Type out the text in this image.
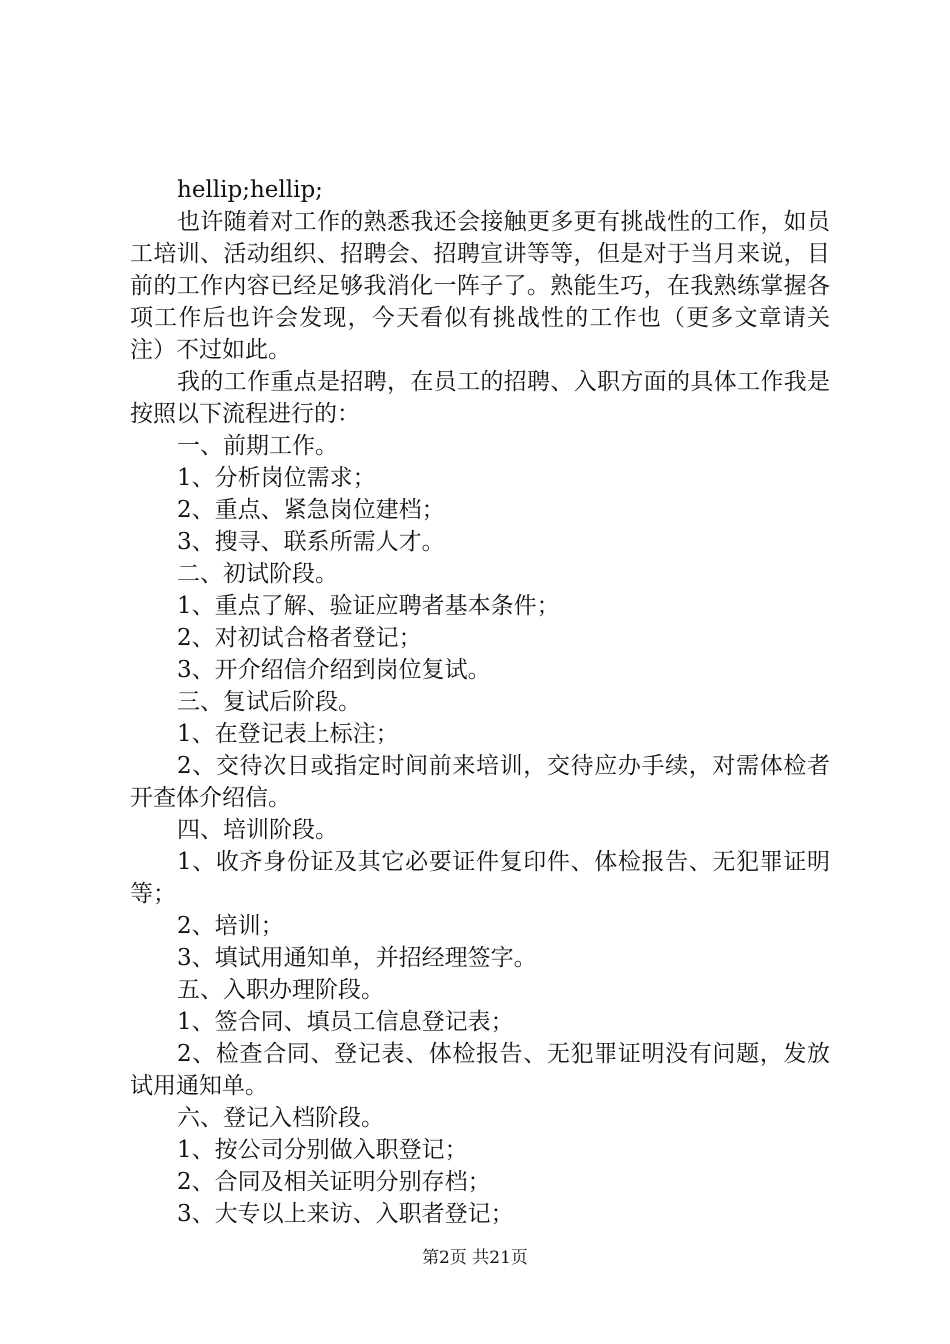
hellip;hellip;

也许随着对工作的熟悉我还会接触更多更有挑战性的工作，如员工培训、活动组织、招聘会、招聘宣讲等等，但是对于当月来说，目前的工作内容已经足够我消化一阵子了。熟能生巧，在我熟练掌握各项工作后也许会发现，今天看似有挑战性的工作也（更多文章请关注）不过如此。

我的工作重点是招聘，在员工的招聘、入职方面的具体工作我是按照以下流程进行的：

一、前期工作。

1、分析岗位需求；

2、重点、紧急岗位建档；

3、搜寻、联系所需人才。

二、初试阶段。

1、重点了解、验证应聘者基本条件；

2、对初试合格者登记；

3、开介绍信介绍到岗位复试。

三、复试后阶段。

1、在登记表上标注；

2、交待次日或指定时间前来培训，交待应办手续，对需体检者开查体介绍信。

四、培训阶段。

1、收齐身份证及其它必要证件复印件、体检报告、无犯罪证明等；

2、培训；

3、填试用通知单，并招经理签字。

五、入职办理阶段。

1、签合同、填员工信息登记表；

2、检查合同、登记表、体检报告、无犯罪证明没有问题，发放试用通知单。

六、登记入档阶段。

1、按公司分别做入职登记；

2、合同及相关证明分别存档；

3、大专以上来访、入职者登记；

第2页 共21页
